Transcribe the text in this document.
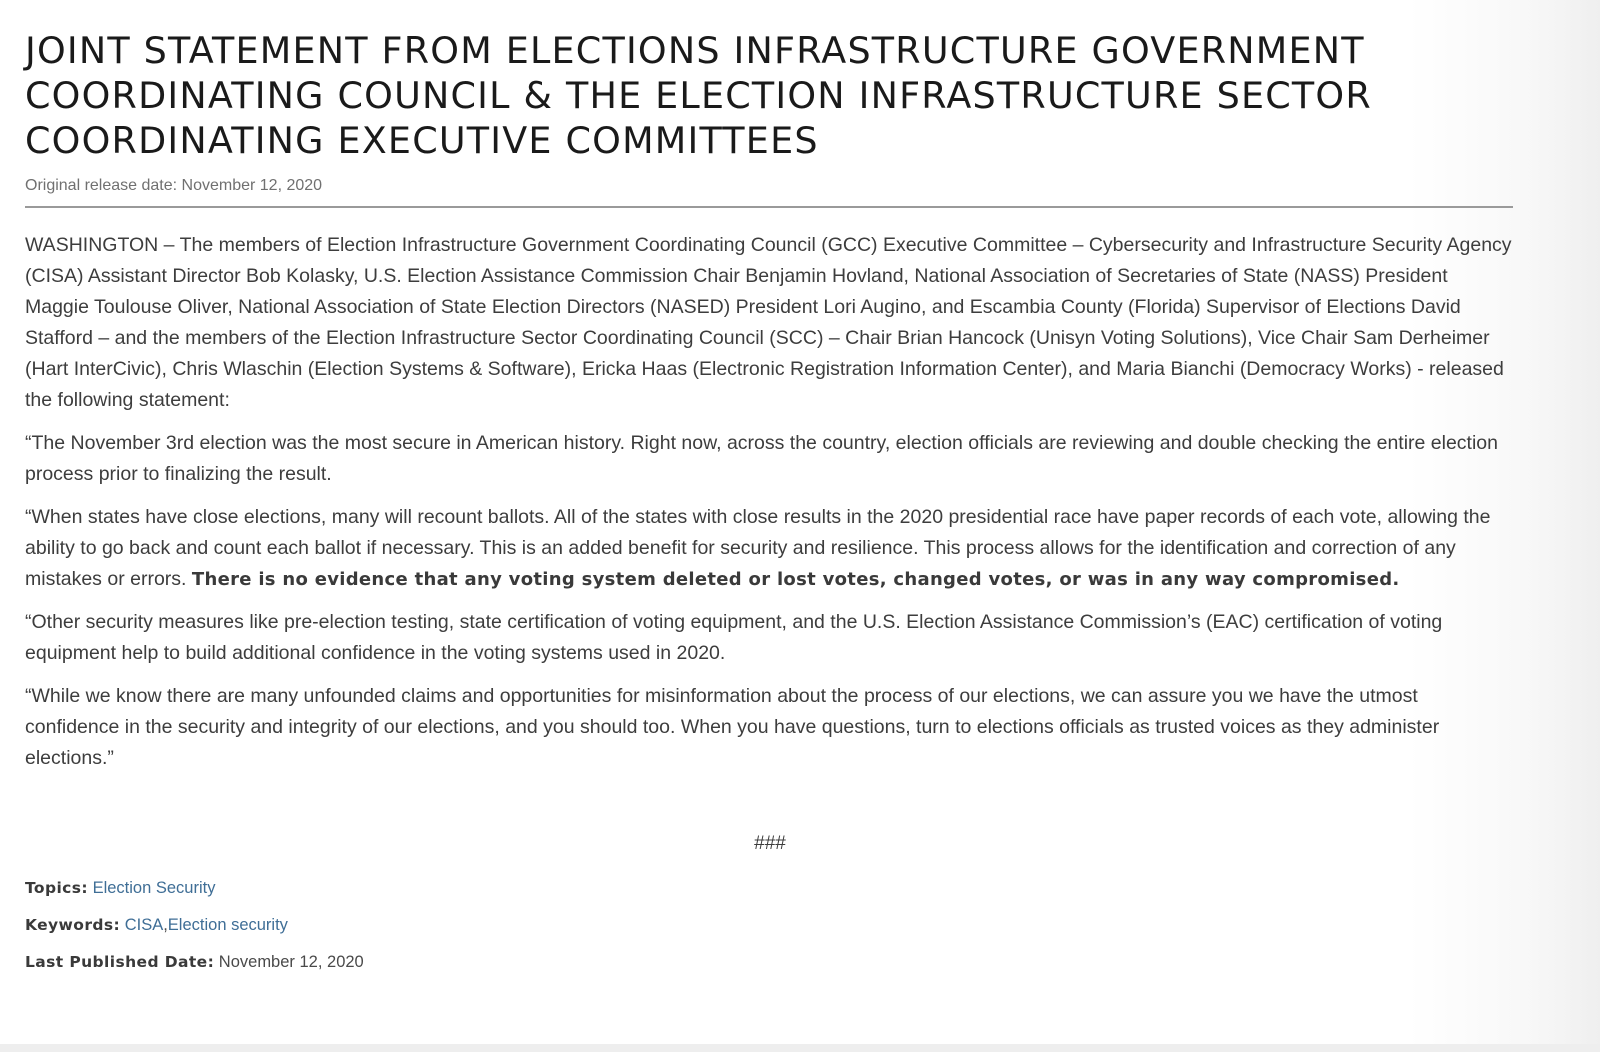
JOINT STATEMENT FROM ELECTIONS INFRASTRUCTURE GOVERNMENT COORDINATING COUNCIL & THE ELECTION INFRASTRUCTURE SECTOR COORDINATING EXECUTIVE COMMITTEES
Original release date: November 12, 2020

WASHINGTON – The members of Election Infrastructure Government Coordinating Council (GCC) Executive Committee – Cybersecurity and Infrastructure Security Agency (CISA) Assistant Director Bob Kolasky, U.S. Election Assistance Commission Chair Benjamin Hovland, National Association of Secretaries of State (NASS) President Maggie Toulouse Oliver, National Association of State Election Directors (NASED) President Lori Augino, and Escambia County (Florida) Supervisor of Elections David Stafford – and the members of the Election Infrastructure Sector Coordinating Council (SCC) – Chair Brian Hancock (Unisyn Voting Solutions), Vice Chair Sam Derheimer (Hart InterCivic), Chris Wlaschin (Election Systems & Software), Ericka Haas (Electronic Registration Information Center), and Maria Bianchi (Democracy Works) - released the following statement:

“The November 3rd election was the most secure in American history. Right now, across the country, election officials are reviewing and double checking the entire election process prior to finalizing the result.

“When states have close elections, many will recount ballots. All of the states with close results in the 2020 presidential race have paper records of each vote, allowing the ability to go back and count each ballot if necessary. This is an added benefit for security and resilience. This process allows for the identification and correction of any mistakes or errors. There is no evidence that any voting system deleted or lost votes, changed votes, or was in any way compromised.

“Other security measures like pre-election testing, state certification of voting equipment, and the U.S. Election Assistance Commission’s (EAC) certification of voting equipment help to build additional confidence in the voting systems used in 2020.

“While we know there are many unfounded claims and opportunities for misinformation about the process of our elections, we can assure you we have the utmost confidence in the security and integrity of our elections, and you should too. When you have questions, turn to elections officials as trusted voices as they administer elections.”

###
Topics: Election Security
Keywords: CISA,Election security
Last Published Date: November 12, 2020
